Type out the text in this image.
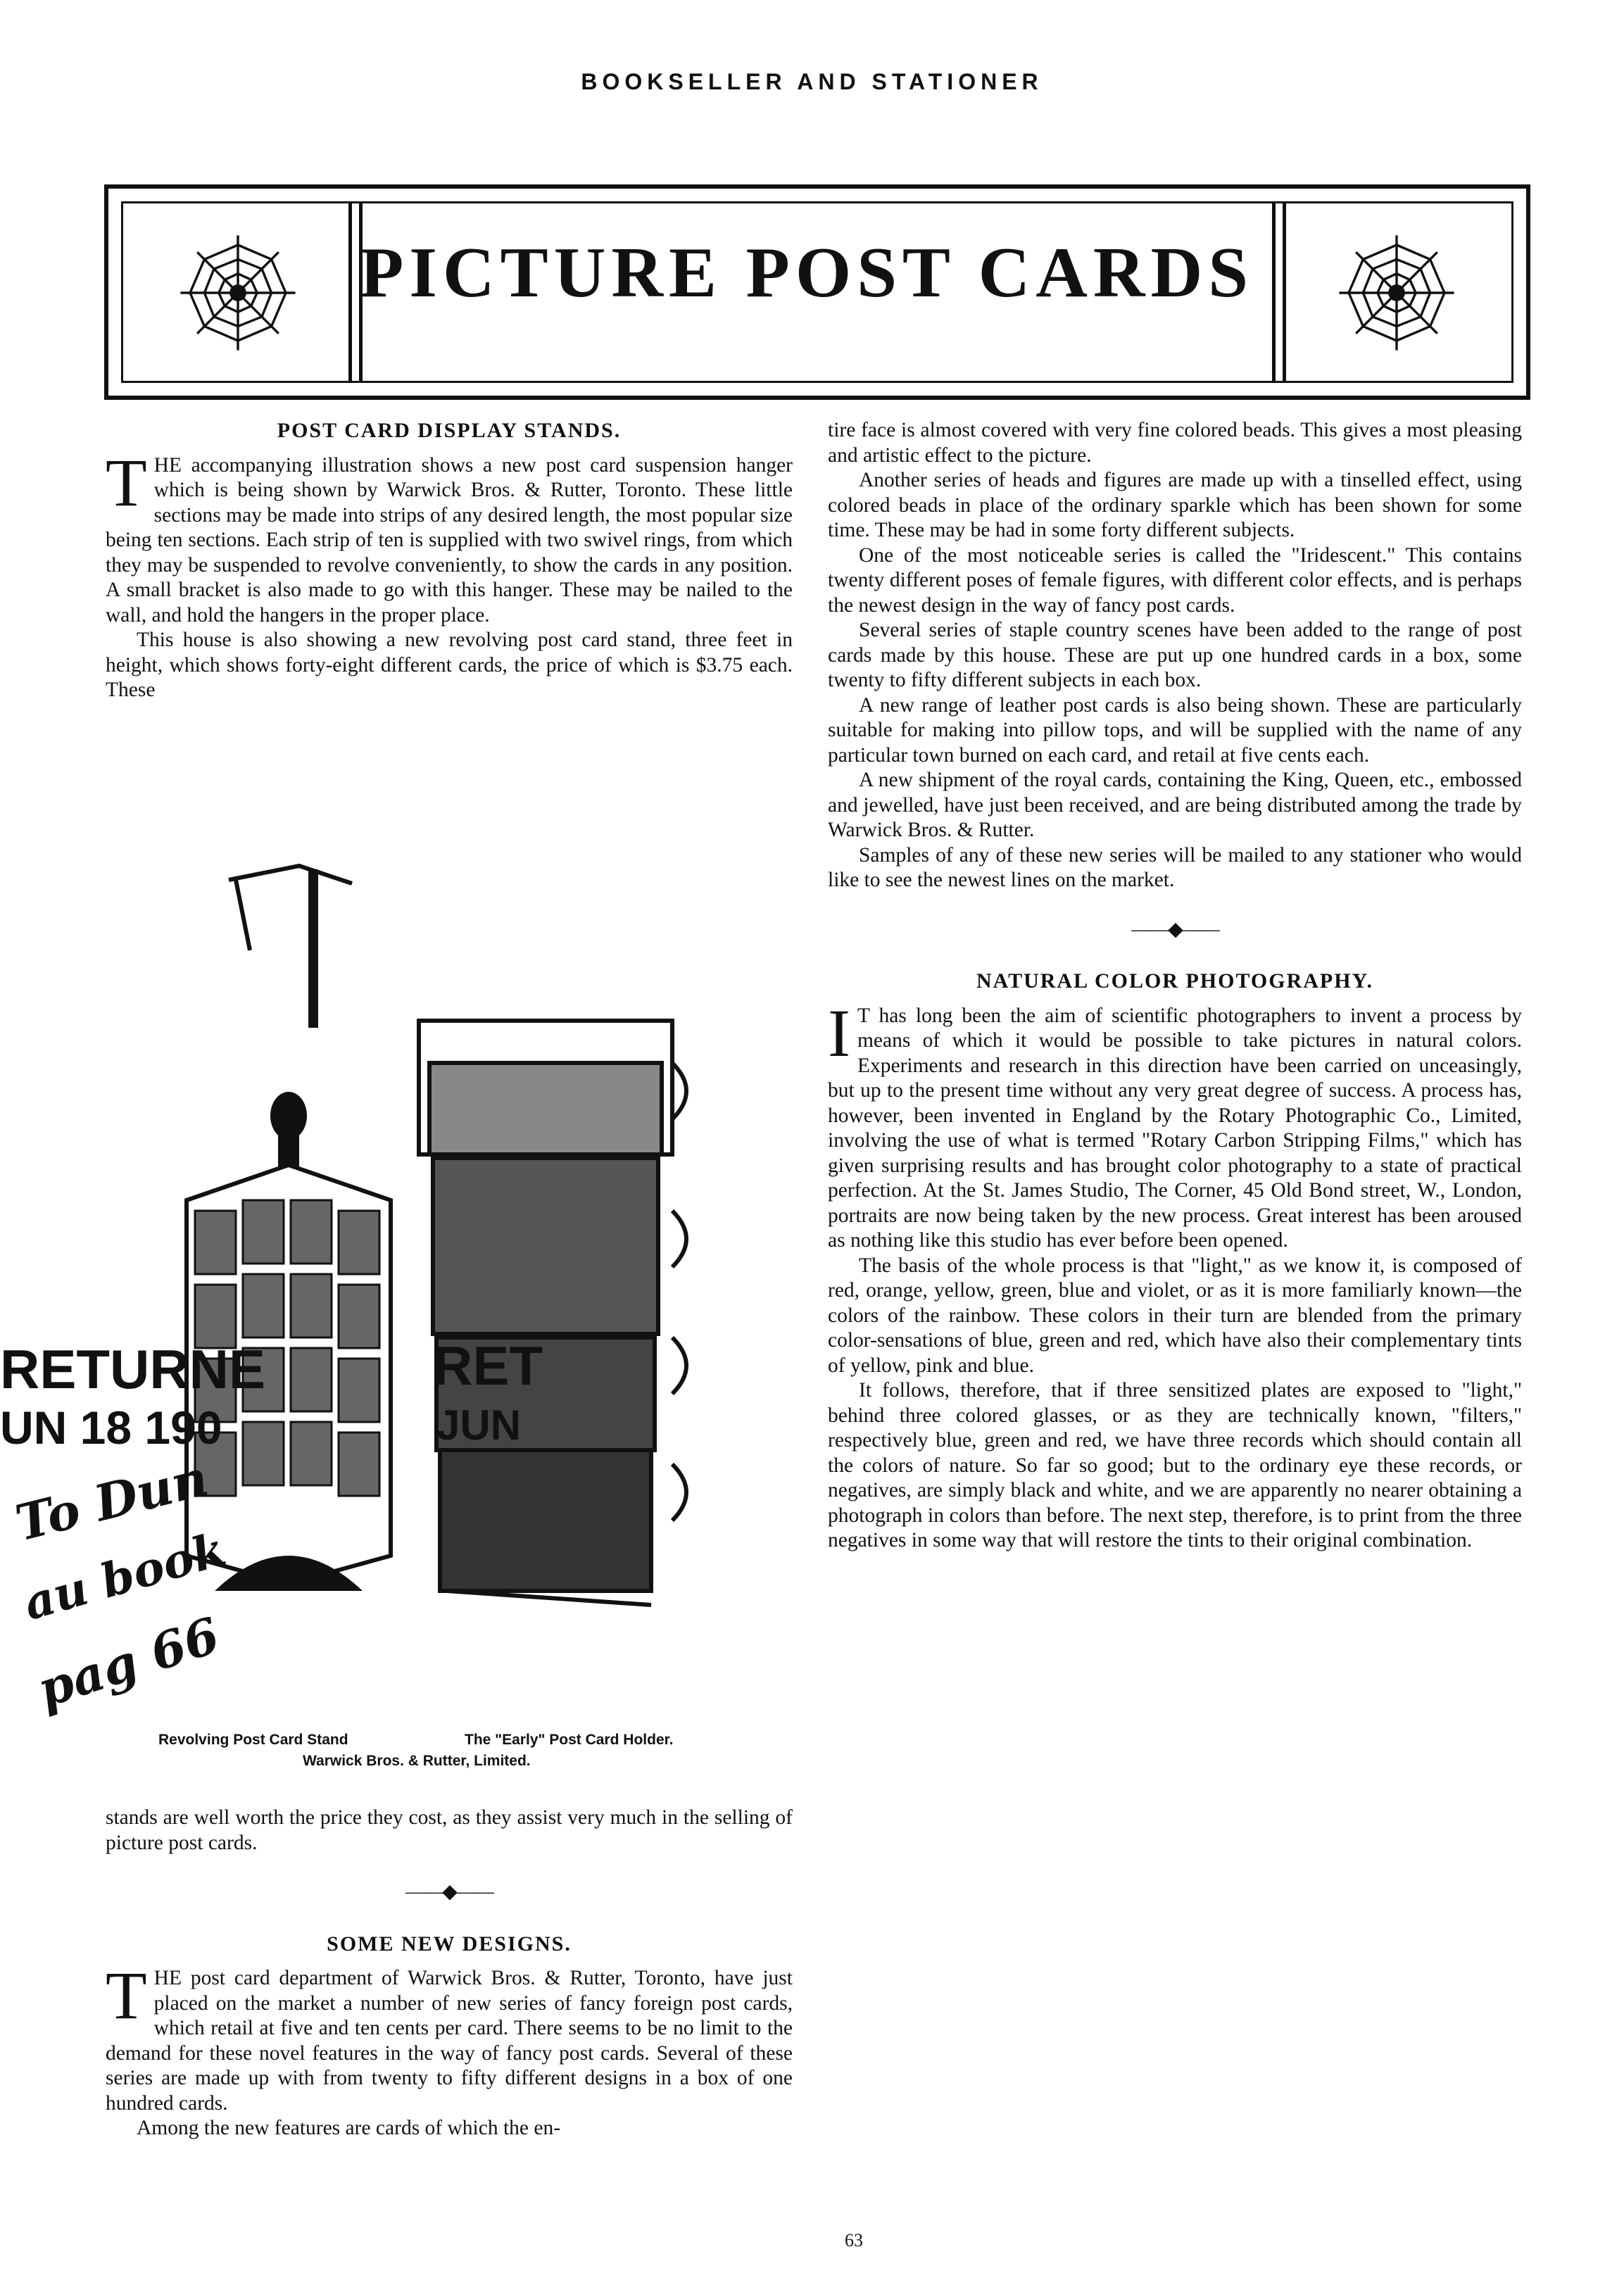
BOOKSELLER AND STATIONER
PICTURE POST CARDS
POST CARD DISPLAY STANDS.

THE accompanying illustration shows a new post card suspension hanger which is being shown by Warwick Bros. & Rutter, Toronto. These little sections may be made into strips of any desired length, the most popular size being ten sections. Each strip of ten is supplied with two swivel rings, from which they may be suspended to revolve conveniently, to show the cards in any position. A small bracket is also made to go with this hanger. These may be nailed to the wall, and hold the hangers in the proper place.

This house is also showing a new revolving post card stand, three feet in height, which shows forty-eight different cards, the price of which is $3.75 each. These

Revolving Post Card Stand	The "Early" Post Card Holder.
Warwick Bros. & Rutter, Limited.
RETURNE
UN 18 190
RET
JUN
To Dun
au book
pag 66

stands are well worth the price they cost, as they assist very much in the selling of picture post cards.

——◆——
SOME NEW DESIGNS.

THE post card department of Warwick Bros. & Rutter, Toronto, have just placed on the market a number of new series of fancy foreign post cards, which retail at five and ten cents per card. There seems to be no limit to the demand for these novel features in the way of fancy post cards. Several of these series are made up with from twenty to fifty different designs in a box of one hundred cards.

Among the new features are cards of which the en-

tire face is almost covered with very fine colored beads. This gives a most pleasing and artistic effect to the picture.

Another series of heads and figures are made up with a tinselled effect, using colored beads in place of the ordinary sparkle which has been shown for some time. These may be had in some forty different subjects.

One of the most noticeable series is called the "Iridescent." This contains twenty different poses of female figures, with different color effects, and is perhaps the newest design in the way of fancy post cards.

Several series of staple country scenes have been added to the range of post cards made by this house. These are put up one hundred cards in a box, some twenty to fifty different subjects in each box.

A new range of leather post cards is also being shown. These are particularly suitable for making into pillow tops, and will be supplied with the name of any particular town burned on each card, and retail at five cents each.

A new shipment of the royal cards, containing the King, Queen, etc., embossed and jewelled, have just been received, and are being distributed among the trade by Warwick Bros. & Rutter.

Samples of any of these new series will be mailed to any stationer who would like to see the newest lines on the market.

——◆——
NATURAL COLOR PHOTOGRAPHY.

I T has long been the aim of scientific photographers to invent a process by means of which it would be possible to take pictures in natural colors. Experiments and research in this direction have been carried on unceasingly, but up to the present time without any very great degree of success. A process has, however, been invented in England by the Rotary Photographic Co., Limited, involving the use of what is termed "Rotary Carbon Stripping Films," which has given surprising results and has brought color photography to a state of practical perfection. At the St. James Studio, The Corner, 45 Old Bond street, W., London, portraits are now being taken by the new process. Great interest has been aroused as nothing like this studio has ever before been opened.

The basis of the whole process is that "light," as we know it, is composed of red, orange, yellow, green, blue and violet, or as it is more familiarly known—the colors of the rainbow. These colors in their turn are blended from the primary color-sensations of blue, green and red, which have also their complementary tints of yellow, pink and blue.

It follows, therefore, that if three sensitized plates are exposed to "light," behind three colored glasses, or as they are technically known, "filters," respectively blue, green and red, we have three records which should contain all the colors of nature. So far so good; but to the ordinary eye these records, or negatives, are simply black and white, and we are apparently no nearer obtaining a photograph in colors than before. The next step, therefore, is to print from the three negatives in some way that will restore the tints to their original combination.

63
